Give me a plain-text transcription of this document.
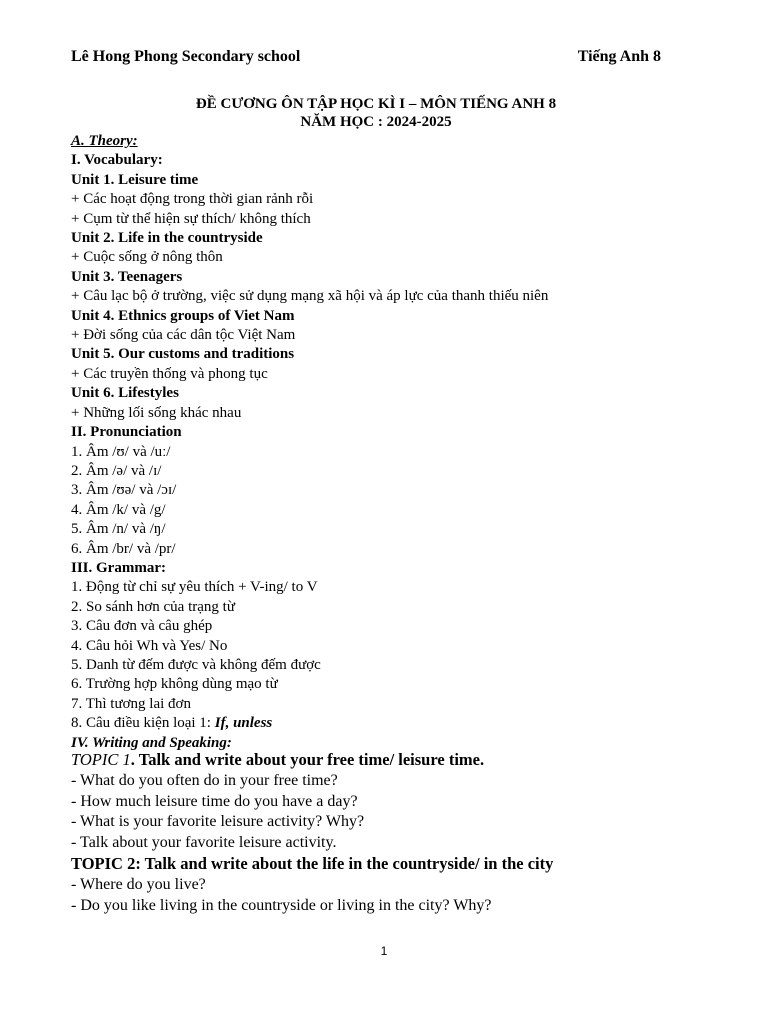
Lê Hong Phong Secondary school	Tiếng Anh 8
ĐỀ CƯƠNG ÔN TẬP HỌC KÌ I – MÔN TIẾNG ANH 8
NĂM HỌC : 2024-2025
A. Theory:
I. Vocabulary:
Unit 1. Leisure time
+ Các hoạt động trong thời gian rảnh rỗi
+ Cụm từ thể hiện sự thích/ không thích
Unit 2. Life in the countryside
+ Cuộc sống ở nông thôn
Unit 3. Teenagers
+ Câu lạc bộ ở trường, việc sử dụng mạng xã hội và áp lực của thanh thiếu niên
Unit 4. Ethnics groups of Viet Nam
+ Đời sống của các dân tộc Việt Nam
Unit 5. Our customs and traditions
+ Các truyền thống và phong tục
Unit 6. Lifestyles
+ Những lối sống khác nhau
II. Pronunciation
1. Âm /ʊ/ và /uː/
2. Âm /ə/ và /ɪ/
3. Âm /ʊə/ và /ɔɪ/
4. Âm /k/ và /g/
5. Âm /n/ và /ŋ/
6. Âm /br/ và /pr/
III. Grammar:
1. Động từ chỉ sự yêu thích + V-ing/ to V
2. So sánh hơn của trạng từ
3. Câu đơn và câu ghép
4. Câu hỏi Wh và Yes/ No
5. Danh từ đếm được và không đếm được
6. Trường hợp không dùng mạo từ
7. Thì tương lai đơn
8. Câu điều kiện loại 1: If, unless
IV. Writing and Speaking:
TOPIC 1. Talk and write about your free time/ leisure time.
- What do you often do in your free time?
- How much leisure time do you have a day?
- What is your favorite leisure activity? Why?
- Talk about your favorite leisure activity.
TOPIC 2: Talk and write about the life in the countryside/ in the city
- Where do you live?
- Do you like living in the countryside or living in the city? Why?
1
